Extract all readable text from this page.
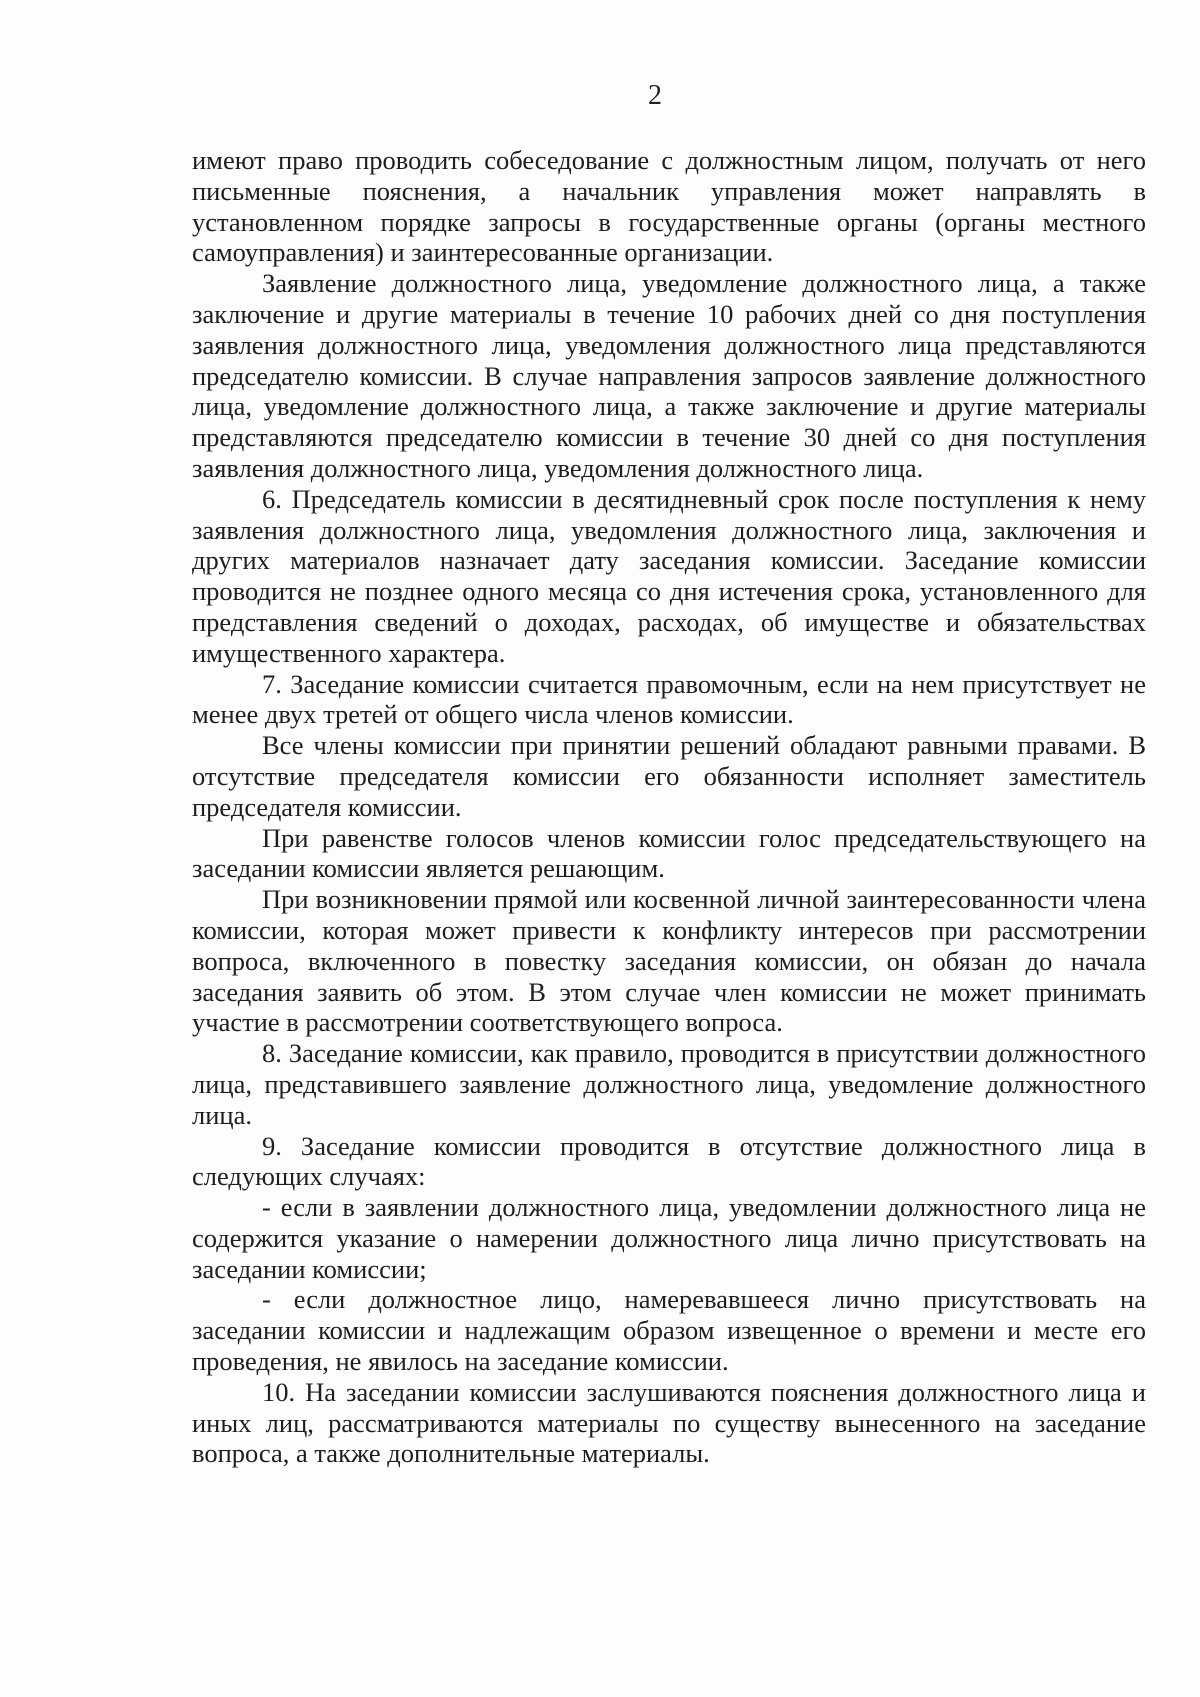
2

имеют право проводить собеседование с должностным лицом, получать от него письменные пояснения, а начальник управления может направлять в установленном порядке запросы в государственные органы (органы местного самоуправления) и заинтересованные организации.

Заявление должностного лица, уведомление должностного лица, а также заключение и другие материалы в течение 10 рабочих дней со дня поступления заявления должностного лица, уведомления должностного лица представляются председателю комиссии. В случае направления запросов заявление должностного лица, уведомление должностного лица, а также заключение и другие материалы представляются председателю комиссии в течение 30 дней со дня поступления заявления должностного лица, уведомления должностного лица.

6. Председатель комиссии в десятидневный срок после поступления к нему заявления должностного лица, уведомления должностного лица, заключения и других материалов назначает дату заседания комиссии. Заседание комиссии проводится не позднее одного месяца со дня истечения срока, установленного для представления сведений о доходах, расходах, об имуществе и обязательствах имущественного характера.

7. Заседание комиссии считается правомочным, если на нем присутствует не менее двух третей от общего числа членов комиссии.

Все члены комиссии при принятии решений обладают равными правами. В отсутствие председателя комиссии его обязанности исполняет заместитель председателя комиссии.

При равенстве голосов членов комиссии голос председательствующего на заседании комиссии является решающим.

При возникновении прямой или косвенной личной заинтересованности члена комиссии, которая может привести к конфликту интересов при рассмотрении вопроса, включенного в повестку заседания комиссии, он обязан до начала заседания заявить об этом. В этом случае член комиссии не может принимать участие в рассмотрении соответствующего вопроса.

8. Заседание комиссии, как правило, проводится в присутствии должностного лица, представившего заявление должностного лица, уведомление должностного лица.

9. Заседание комиссии проводится в отсутствие должностного лица в следующих случаях:

- если в заявлении должностного лица, уведомлении должностного лица не содержится указание о намерении должностного лица лично присутствовать на заседании комиссии;

- если должностное лицо, намеревавшееся лично присутствовать на заседании комиссии и надлежащим образом извещенное о времени и месте его проведения, не явилось на заседание комиссии.

10. На заседании комиссии заслушиваются пояснения должностного лица и иных лиц, рассматриваются материалы по существу вынесенного на заседание вопроса, а также дополнительные материалы.
